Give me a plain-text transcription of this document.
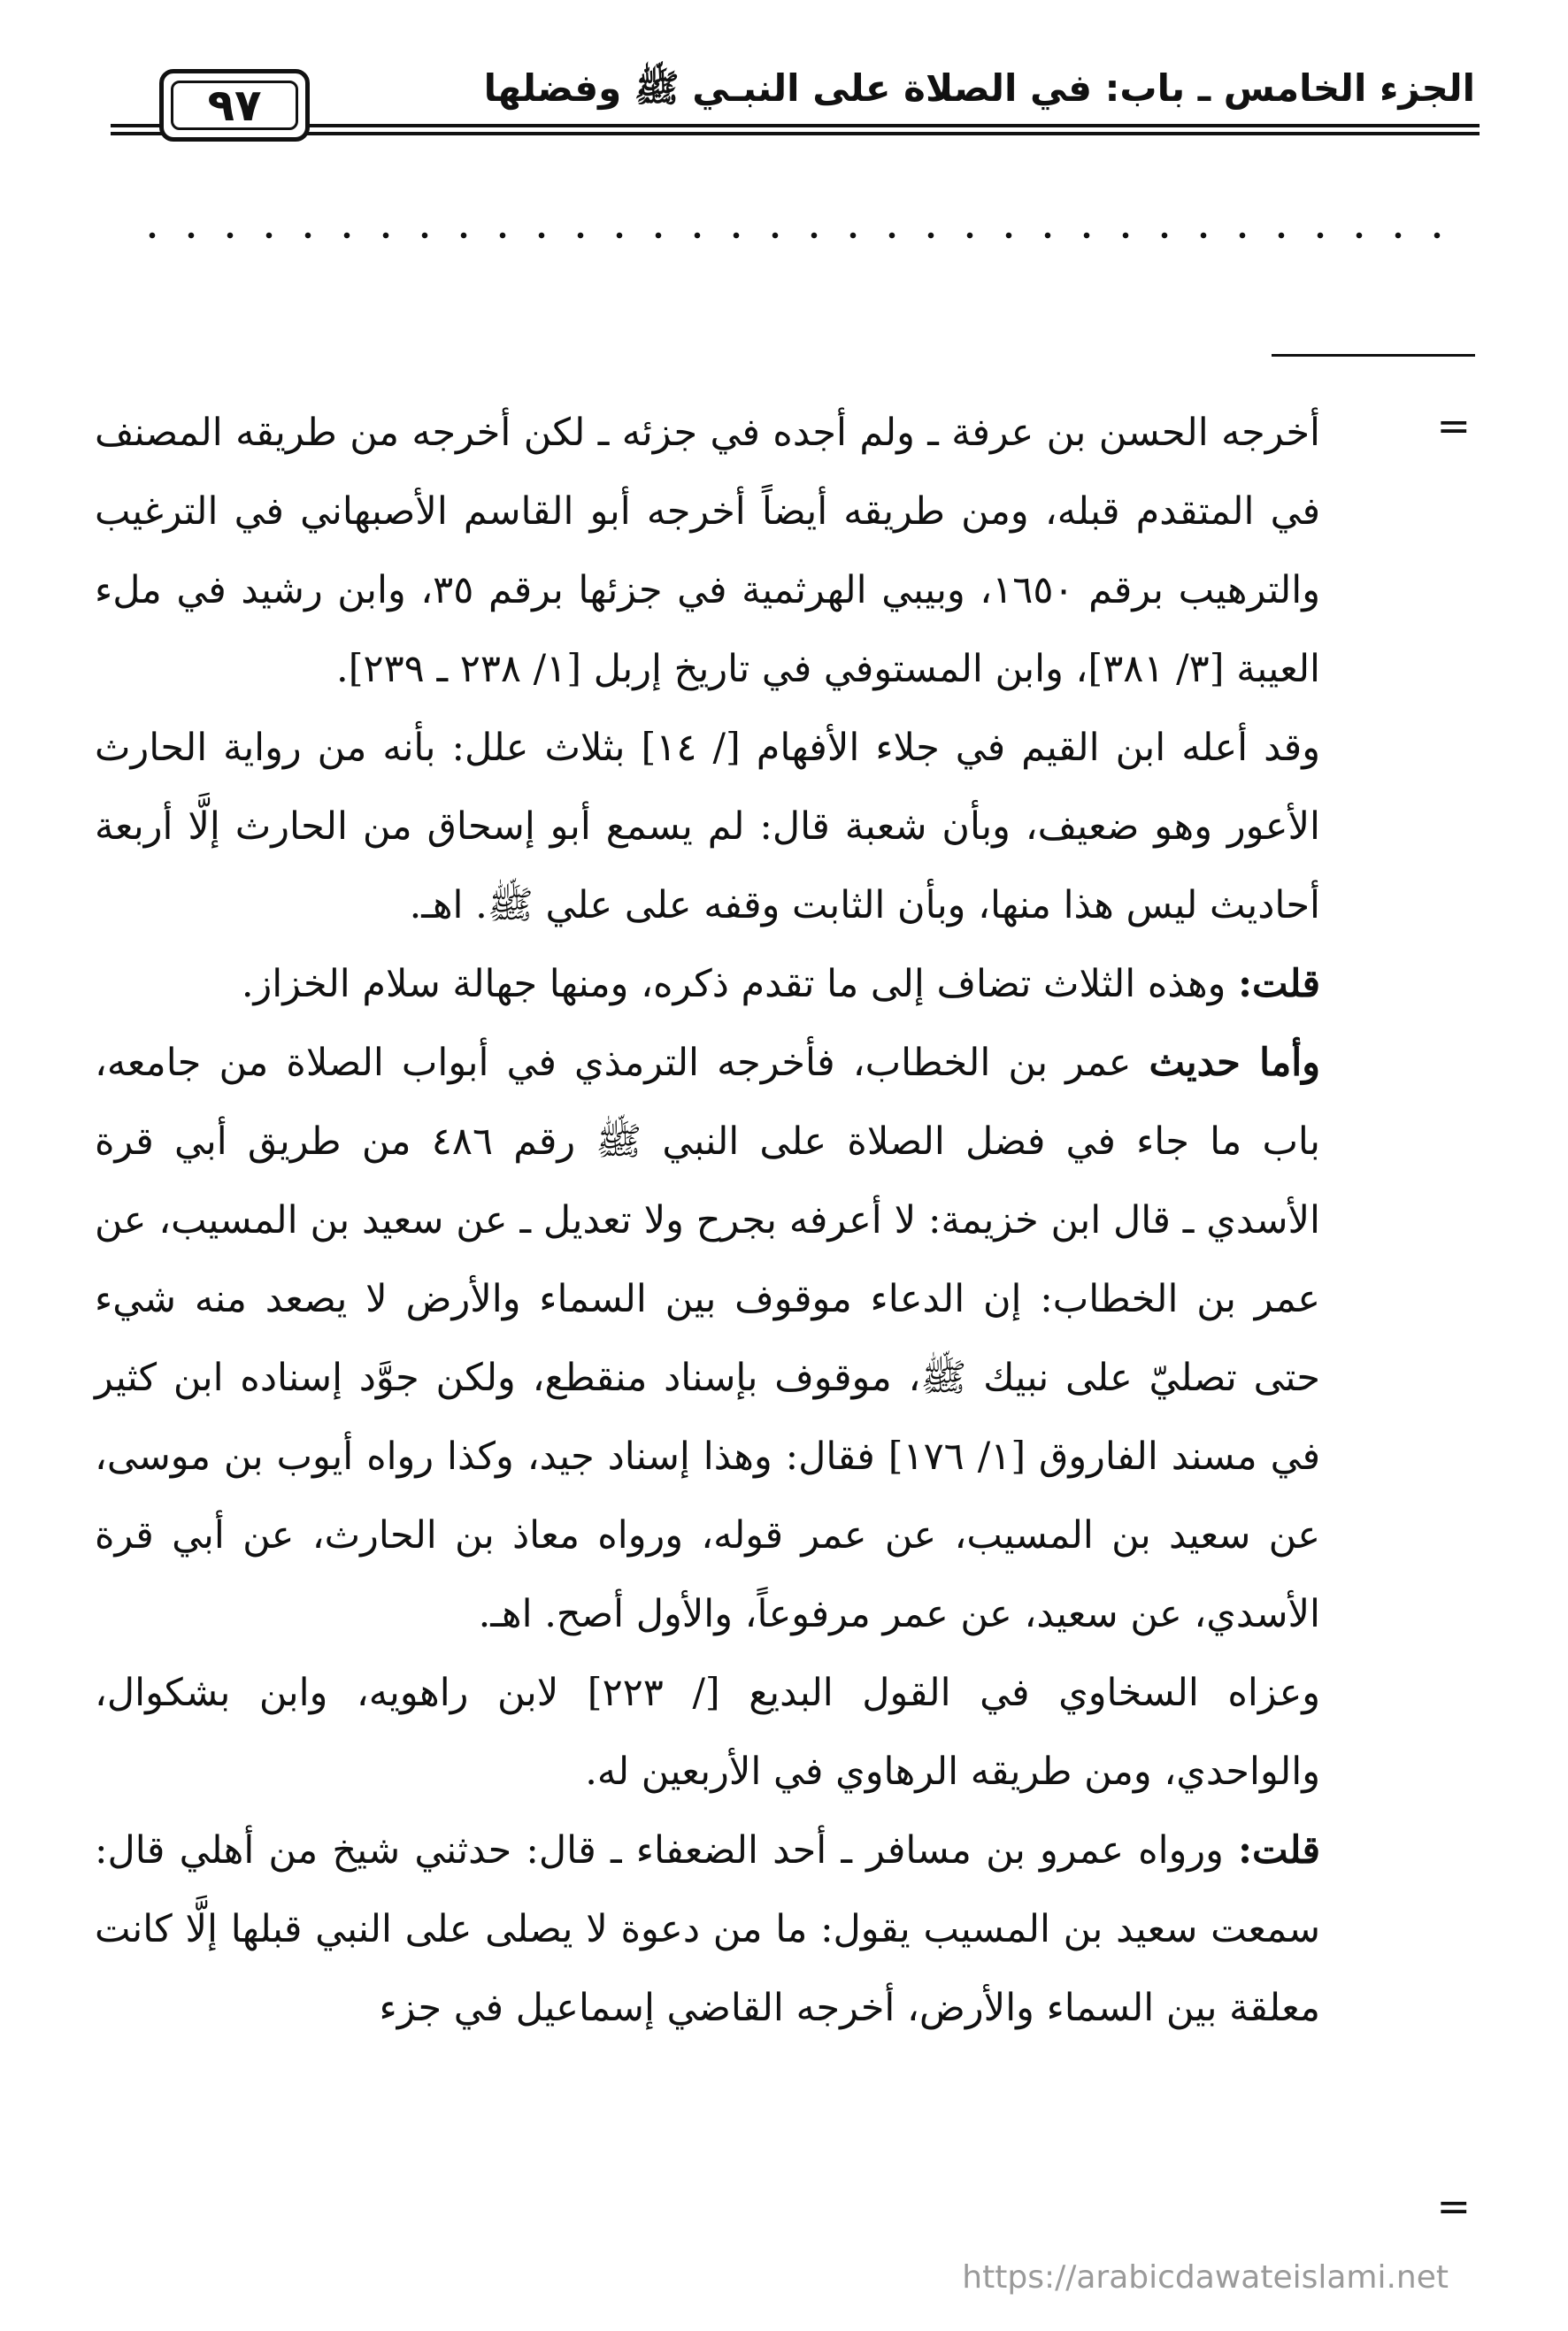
الجزء الخامس ـ باب: في الصلاة على النبـي ﷺ وفضلها
٩٧
=

أخرجه الحسن بن عرفة ـ ولم أجده في جزئه ـ لكن أخرجه من طريقه المصنف في المتقدم قبله، ومن طريقه أيضاً أخرجه أبو القاسم الأصبهاني في الترغيب والترهيب برقم ١٦٥٠، وبيبي الهرثمية في جزئها برقم ٣٥، وابن رشيد في ملء العيبة [٣/ ٣٨١]، وابن المستوفي في تاريخ إربل [١/ ٢٣٨ ـ ٢٣٩].

وقد أعله ابن القيم في جلاء الأفهام [/ ١٤] بثلاث علل: بأنه من رواية الحارث الأعور وهو ضعيف، وبأن شعبة قال: لم يسمع أبو إسحاق من الحارث إلَّا أربعة أحاديث ليس هذا منها، وبأن الثابت وقفه على علي ﷺ. اهـ.

قلت: وهذه الثلاث تضاف إلى ما تقدم ذكره، ومنها جهالة سلام الخزاز.

وأما حديث عمر بن الخطاب، فأخرجه الترمذي في أبواب الصلاة من جامعه، باب ما جاء في فضل الصلاة على النبي ﷺ رقم ٤٨٦ من طريق أبي قرة الأسدي ـ قال ابن خزيمة: لا أعرفه بجرح ولا تعديل ـ عن سعيد بن المسيب، عن عمر بن الخطاب: إن الدعاء موقوف بين السماء والأرض لا يصعد منه شيء حتى تصليّ على نبيك ﷺ، موقوف بإسناد منقطع، ولكن جوَّد إسناده ابن كثير في مسند الفاروق [١/ ١٧٦] فقال: وهذا إسناد جيد، وكذا رواه أيوب بن موسى، عن سعيد بن المسيب، عن عمر قوله، ورواه معاذ بن الحارث، عن أبي قرة الأسدي، عن سعيد، عن عمر مرفوعاً، والأول أصح. اهـ.

وعزاه السخاوي في القول البديع [/ ٢٢٣] لابن راهويه، وابن بشكوال، والواحدي، ومن طريقه الرهاوي في الأربعين له.

قلت: ورواه عمرو بن مسافر ـ أحد الضعفاء ـ قال: حدثني شيخ من أهلي قال: سمعت سعيد بن المسيب يقول: ما من دعوة لا يصلى على النبي قبلها إلَّا كانت معلقة بين السماء والأرض، أخرجه القاضي إسماعيل في جزء

=
https://arabicdawateislami.net
